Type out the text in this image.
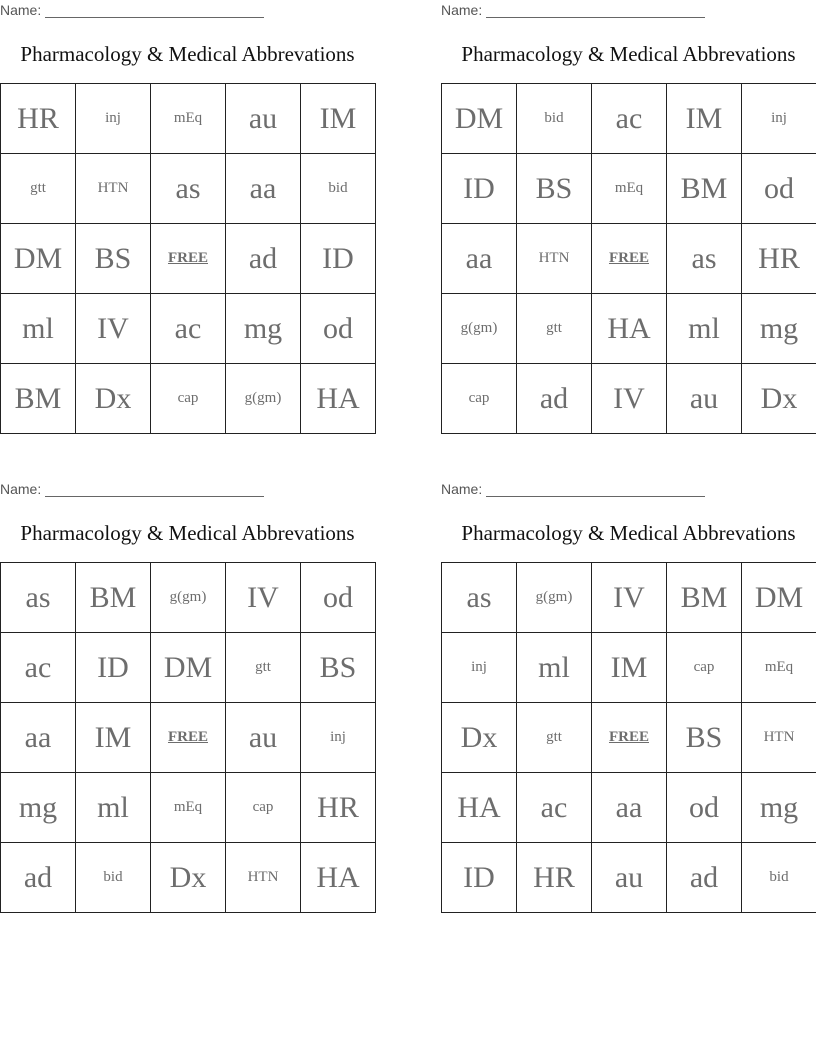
Name:
Pharmacology & Medical Abbrevations
HR	inj	mEq	au	IM
gtt	HTN	as	aa	bid
DM	BS	FREE	ad	ID
ml	IV	ac	mg	od
BM	Dx	cap	g(gm)	HA
Name:
Pharmacology & Medical Abbrevations
DM	bid	ac	IM	inj
ID	BS	mEq	BM	od
aa	HTN	FREE	as	HR
g(gm)	gtt	HA	ml	mg
cap	ad	IV	au	Dx
Name:
Pharmacology & Medical Abbrevations
as	BM	g(gm)	IV	od
ac	ID	DM	gtt	BS
aa	IM	FREE	au	inj
mg	ml	mEq	cap	HR
ad	bid	Dx	HTN	HA
Name:
Pharmacology & Medical Abbrevations
as	g(gm)	IV	BM	DM
inj	ml	IM	cap	mEq
Dx	gtt	FREE	BS	HTN
HA	ac	aa	od	mg
ID	HR	au	ad	bid
